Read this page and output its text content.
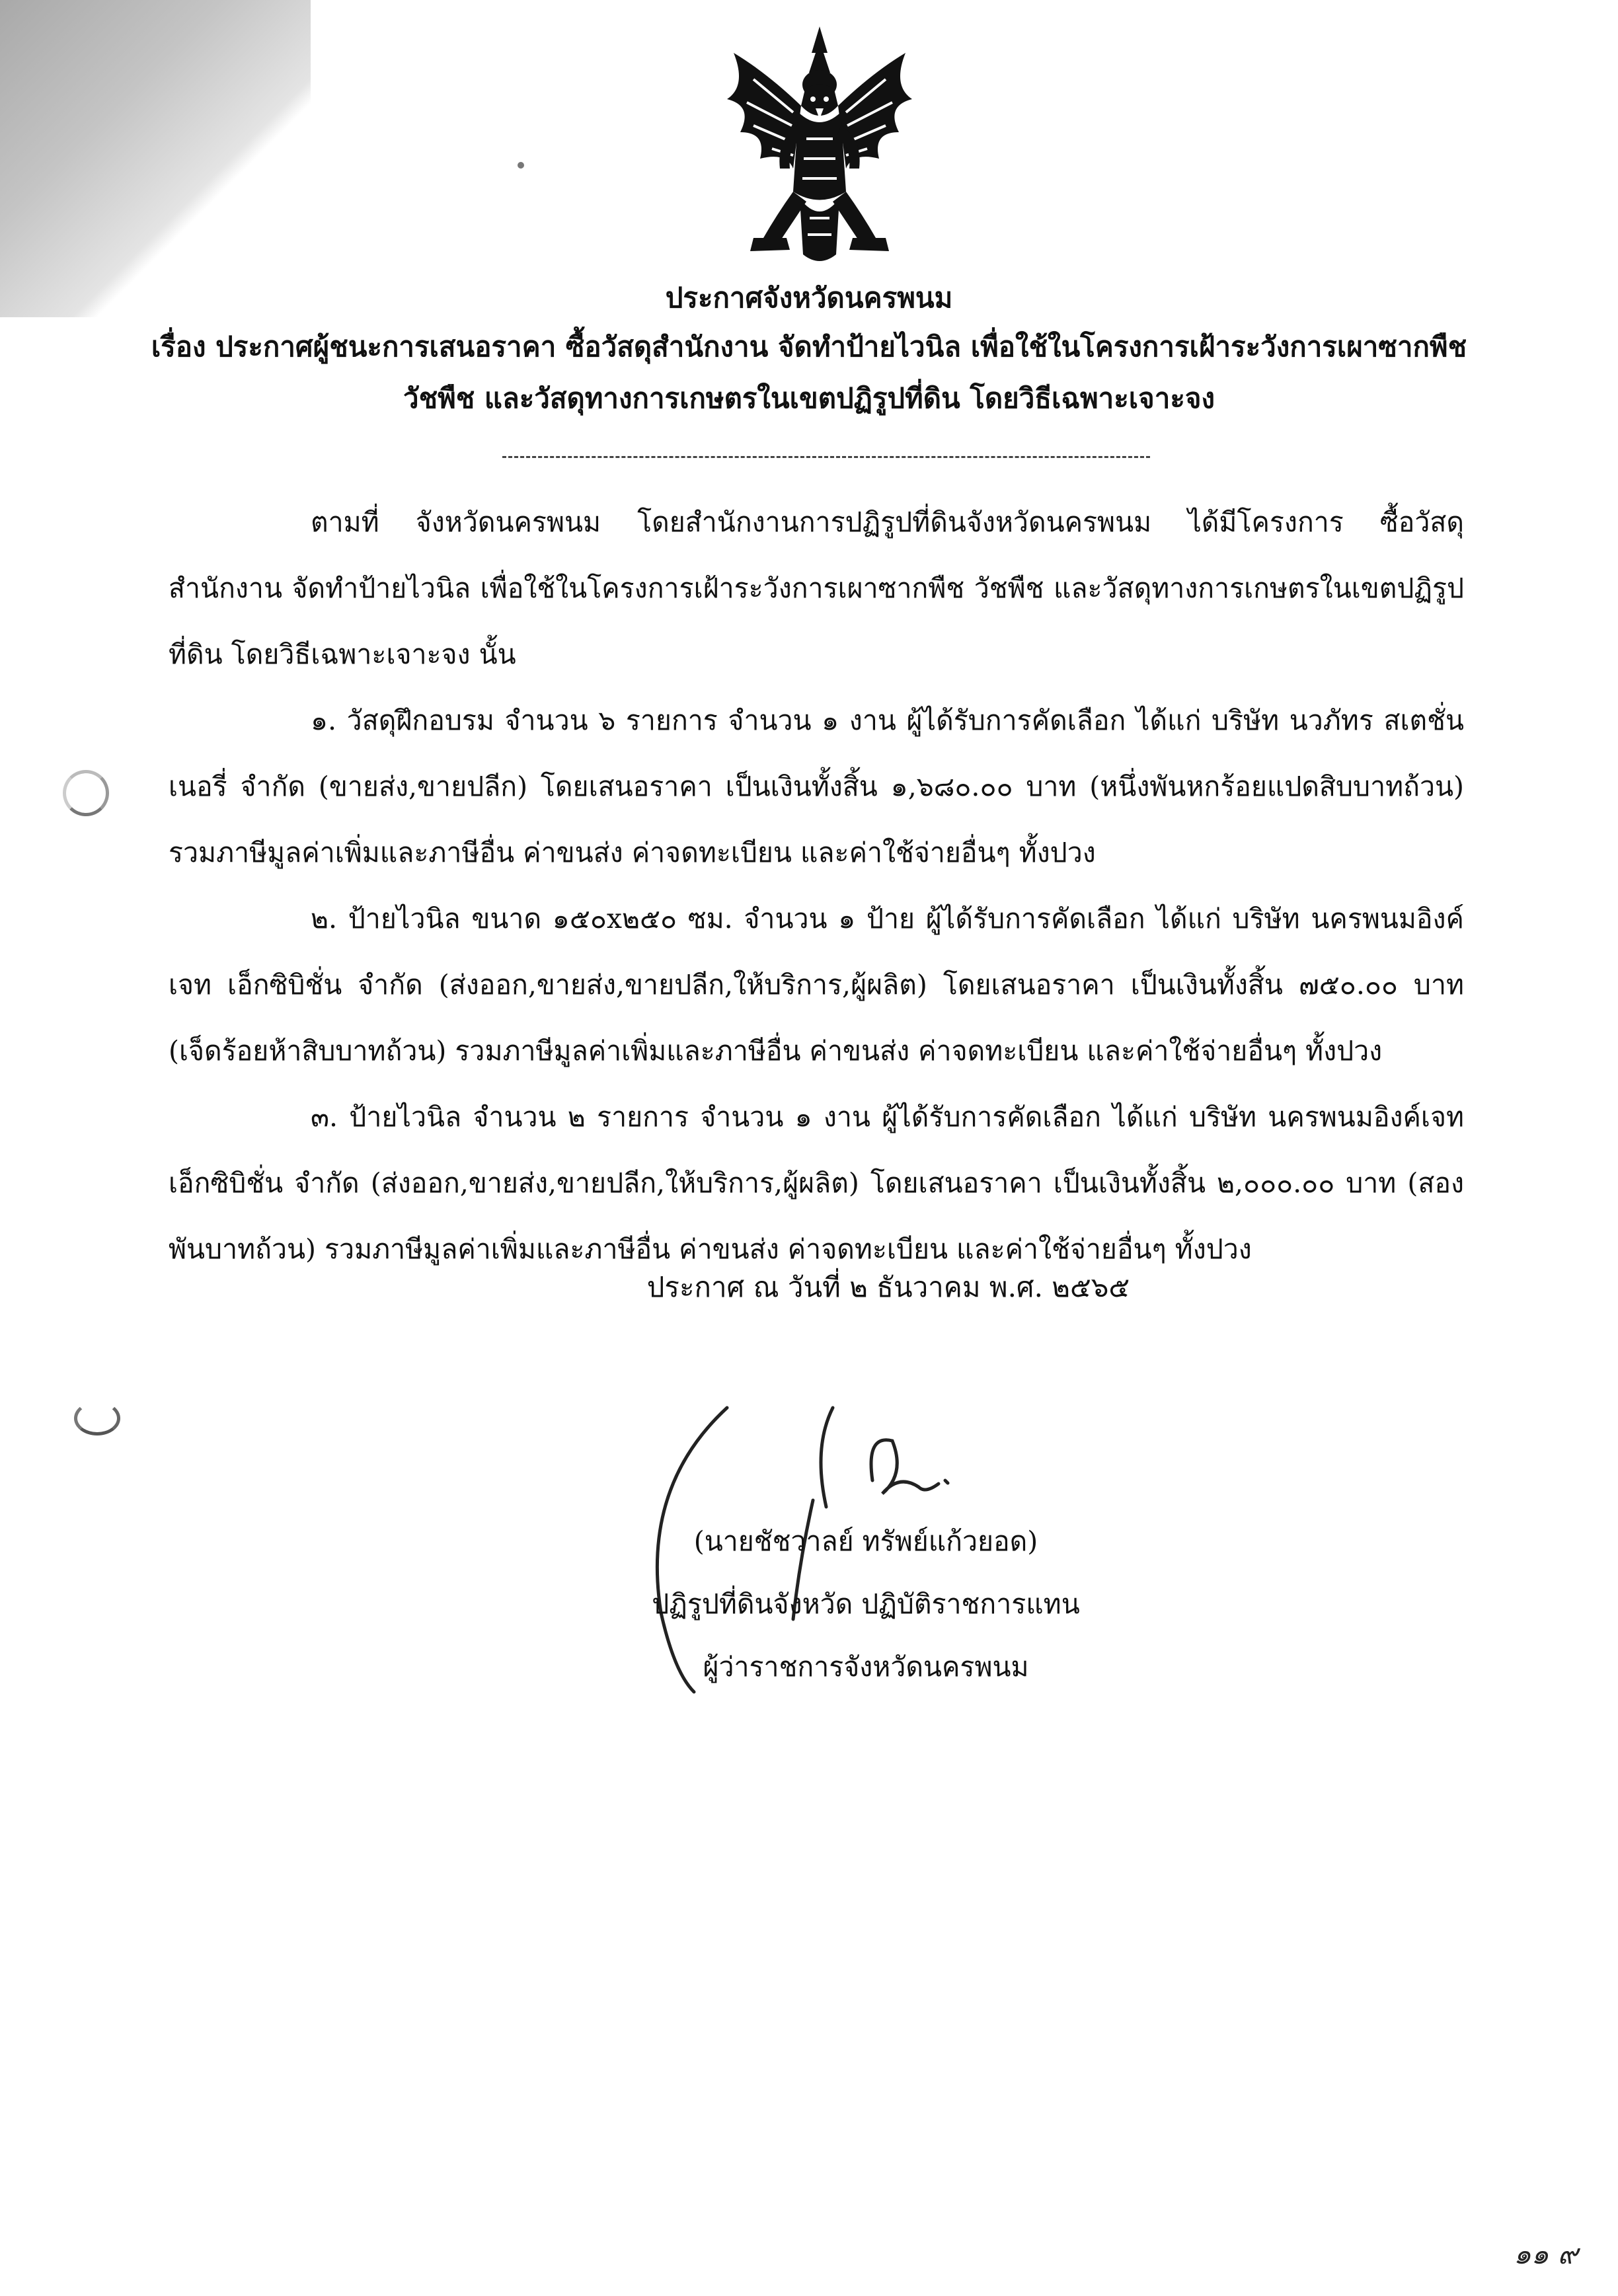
ประกาศจังหวัดนครพนม
เรื่อง ประกาศผู้ชนะการเสนอราคา ซื้อวัสดุสำนักงาน จัดทำป้ายไวนิล เพื่อใช้ในโครงการเฝ้าระวังการเผาซากพืช
วัชพืช และวัสดุทางการเกษตรในเขตปฏิรูปที่ดิน โดยวิธีเฉพาะเจาะจง

ตามที่ จังหวัดนครพนม โดยสำนักงานการปฏิรูปที่ดินจังหวัดนครพนม ได้มีโครงการ ซื้อวัสดุสำนักงาน จัดทำป้ายไวนิล เพื่อใช้ในโครงการเฝ้าระวังการเผาซากพืช วัชพืช และวัสดุทางการเกษตรในเขตปฏิรูปที่ดิน โดยวิธีเฉพาะเจาะจง นั้น

๑. วัสดุฝึกอบรม จำนวน ๖ รายการ จำนวน ๑ งาน ผู้ได้รับการคัดเลือก ได้แก่ บริษัท นวภัทร สเตชั่นเนอรี่ จำกัด (ขายส่ง,ขายปลีก) โดยเสนอราคา เป็นเงินทั้งสิ้น ๑,๖๘๐.๐๐ บาท (หนึ่งพันหกร้อยแปดสิบบาทถ้วน) รวมภาษีมูลค่าเพิ่มและภาษีอื่น ค่าขนส่ง ค่าจดทะเบียน และค่าใช้จ่ายอื่นๆ ทั้งปวง

๒. ป้ายไวนิล ขนาด ๑๕๐x๒๕๐ ซม. จำนวน ๑ ป้าย ผู้ได้รับการคัดเลือก ได้แก่ บริษัท นครพนมอิงค์เจท เอ็กซิบิชั่น จำกัด (ส่งออก,ขายส่ง,ขายปลีก,ให้บริการ,ผู้ผลิต) โดยเสนอราคา เป็นเงินทั้งสิ้น ๗๕๐.๐๐ บาท (เจ็ดร้อยห้าสิบบาทถ้วน) รวมภาษีมูลค่าเพิ่มและภาษีอื่น ค่าขนส่ง ค่าจดทะเบียน และค่าใช้จ่ายอื่นๆ ทั้งปวง

๓. ป้ายไวนิล จำนวน ๒ รายการ จำนวน ๑ งาน ผู้ได้รับการคัดเลือก ได้แก่ บริษัท นครพนมอิงค์เจท เอ็กซิบิชั่น จำกัด (ส่งออก,ขายส่ง,ขายปลีก,ให้บริการ,ผู้ผลิต) โดยเสนอราคา เป็นเงินทั้งสิ้น ๒,๐๐๐.๐๐ บาท (สองพันบาทถ้วน) รวมภาษีมูลค่าเพิ่มและภาษีอื่น ค่าขนส่ง ค่าจดทะเบียน และค่าใช้จ่ายอื่นๆ ทั้งปวง

ประกาศ ณ วันที่ ๒ ธันวาคม พ.ศ. ๒๕๖๕
(นายชัชวาลย์ ทรัพย์แก้วยอด)
ปฏิรูปที่ดินจังหวัด ปฏิบัติราชการแทน
ผู้ว่าราชการจังหวัดนครพนม
๑๑ ๙
